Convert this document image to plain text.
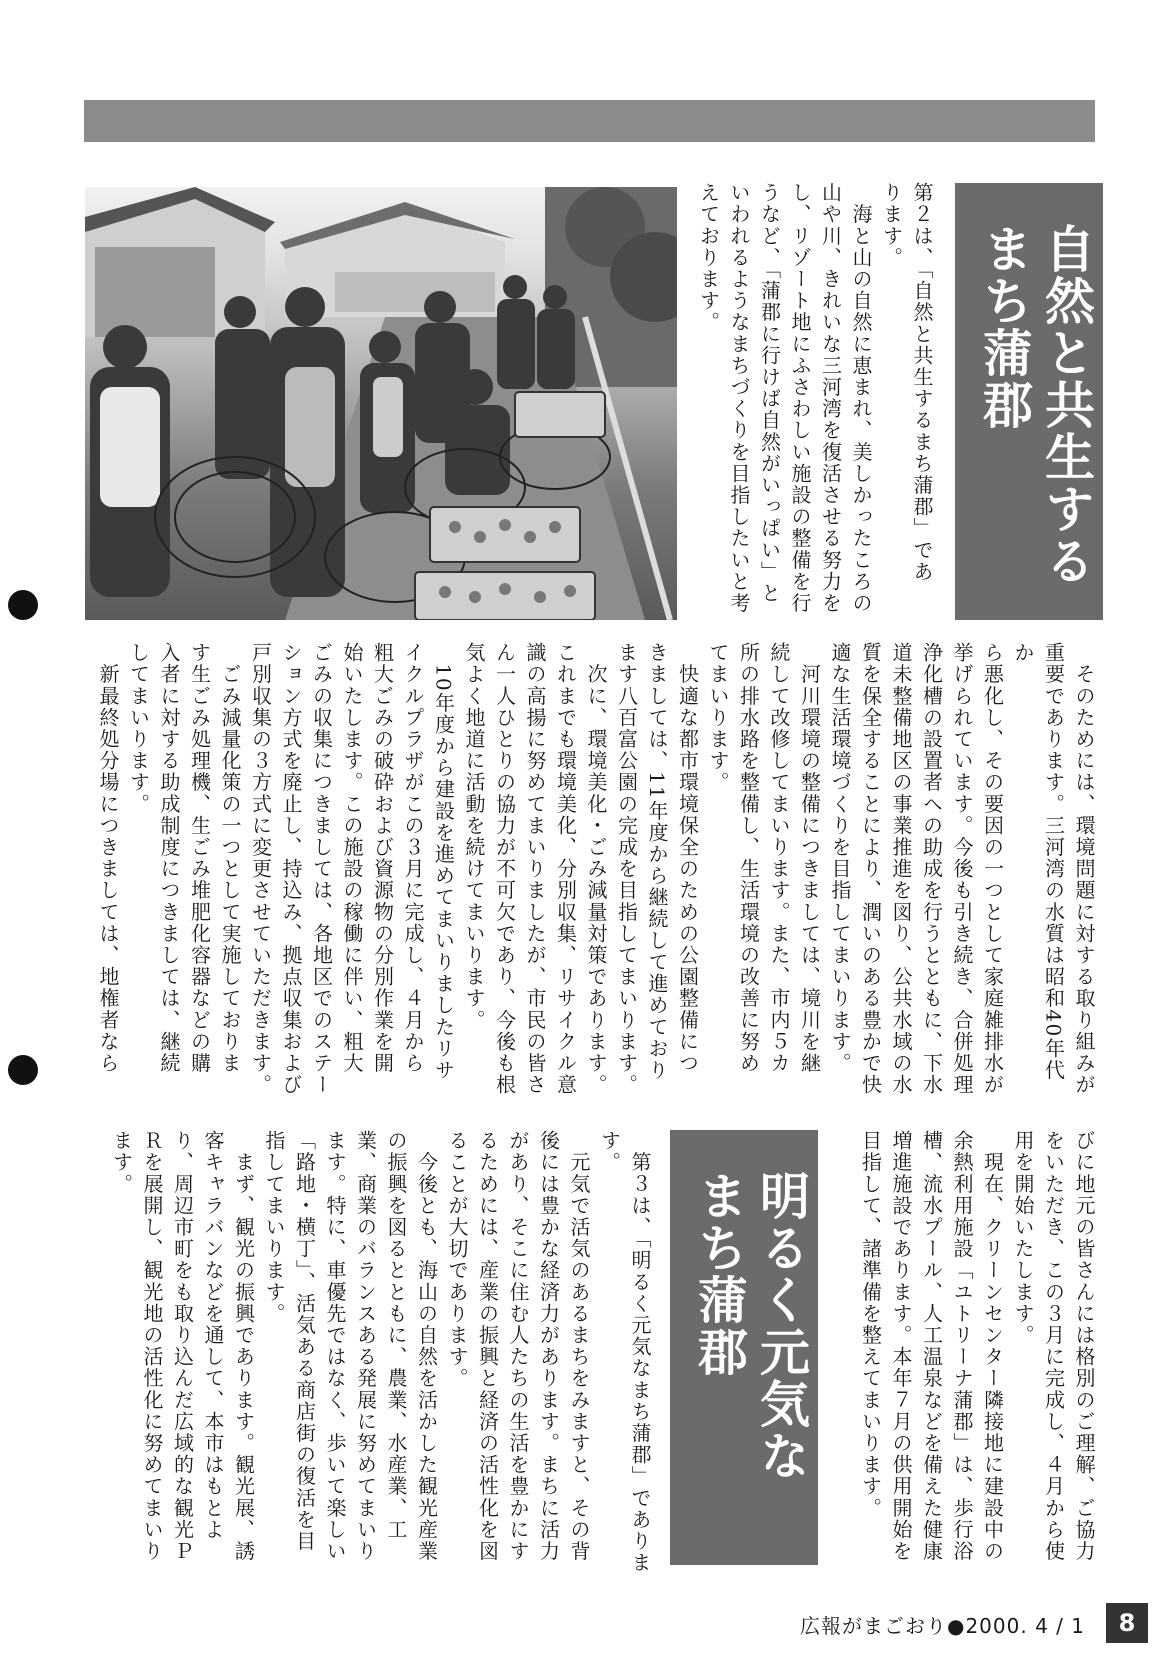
自然と共生する
まち蒲郡
第２は、「自然と共生するまち蒲郡」であ
ります。
　海と山の自然に恵まれ、美しかったころの
山や川、きれいな三河湾を復活させる努力を
し、リゾート地にふさわしい施設の整備を行
うなど、「蒲郡に行けば自然がいっぱい」と
いわれるようなまちづくりを目指したいと考
えております。
　そのためには、環境問題に対する取り組みが
重要であります。三河湾の水質は昭和40年代か
ら悪化し、その要因の一つとして家庭雑排水が
挙げられています。今後も引き続き、合併処理
浄化槽の設置者への助成を行うとともに、下水
道未整備地区の事業推進を図り、公共水域の水
質を保全することにより、潤いのある豊かで快
適な生活環境づくりを目指してまいります。
　河川環境の整備につきましては、境川を継
続して改修してまいります。また、市内５カ
所の排水路を整備し、生活環境の改善に努め
てまいります。
　快適な都市環境保全のための公園整備につ
きましては、11年度から継続して進めており
ます八百富公園の完成を目指してまいります。
　次に、環境美化・ごみ減量対策であります。
これまでも環境美化、分別収集、リサイクル意
識の高揚に努めてまいりましたが、市民の皆さ
ん一人ひとりの協力が不可欠であり、今後も根
気よく地道に活動を続けてまいります。
　10年度から建設を進めてまいりましたリサ
イクルプラザがこの３月に完成し、４月から
粗大ごみの破砕および資源物の分別作業を開
始いたします。この施設の稼働に伴い、粗大
ごみの収集につきましては、各地区でのステー
ション方式を廃止し、持込み、拠点収集および
戸別収集の３方式に変更させていただきます。
　ごみ減量化策の一つとして実施しておりま
す生ごみ処理機、生ごみ堆肥化容器などの購
入者に対する助成制度につきましては、継続
してまいります。
　新最終処分場につきましては、地権者なら
明るく元気な
まち蒲郡	びに地元の皆さんには格別のご理解、ご協力
をいただき、この３月に完成し、４月から使
用を開始いたします。
　現在、クリーンセンター隣接地に建設中の
余熱利用施設「ユトリーナ蒲郡」は、歩行浴
槽、流水プール、人工温泉などを備えた健康
増進施設であります。本年７月の供用開始を
目指して、諸準備を整えてまいります。
　第３は、「明るく元気なまち蒲郡」でありま
す。
　元気で活気のあるまちをみますと、その背
後には豊かな経済力があります。まちに活力
があり、そこに住む人たちの生活を豊かにす
るためには、産業の振興と経済の活性化を図
ることが大切であります。
　今後とも、海山の自然を活かした観光産業
の振興を図るとともに、農業、水産業、工
業、商業のバランスある発展に努めてまいり
ます。特に、車優先ではなく、歩いて楽しい
「路地・横丁」、活気ある商店街の復活を目
指してまいります。
　まず、観光の振興であります。観光展、誘
客キャラバンなどを通して、本市はもとよ
り、周辺市町をも取り込んだ広域的な観光Ｐ
Ｒを展開し、観光地の活性化に努めてまいり
ます。
広報がまごおり●2000. 4 / 1	8
